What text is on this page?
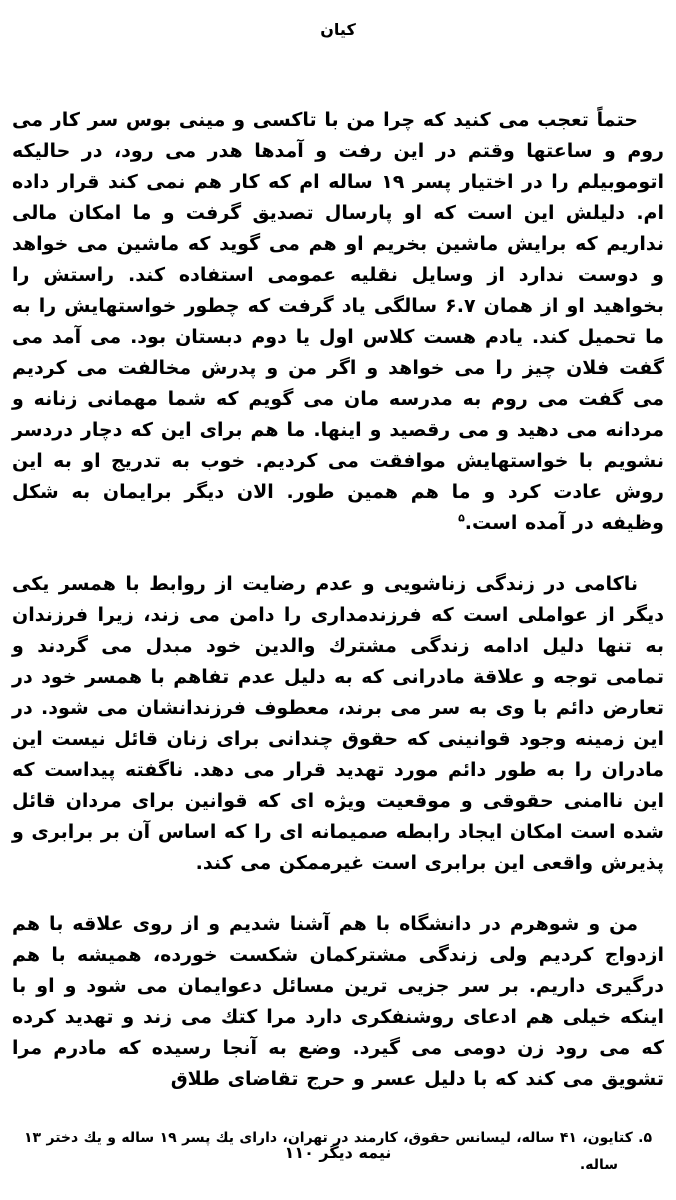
کیان

حتماً تعجب می کنید که چرا من با تاکسی و مینی بوس سر کار می روم و ساعتها وقتم در این رفت و آمدها هدر می رود، در حالیکه اتوموبیلم را در اختیار پسر ۱۹ ساله ام که کار هم نمی کند قرار داده ام. دلیلش این است که او پارسال تصدیق گرفت و ما امکان مالی نداریم که برایش ماشین بخریم او هم می گوید که ماشین می خواهد و دوست ندارد از وسایل نقلیه عمومی استفاده کند. راستش را بخواهید او از همان ۶.۷ سالگی یاد گرفت که چطور خواستهایش را به ما تحمیل کند. یادم هست کلاس اول یا دوم دبستان بود. می آمد می گفت فلان چیز را می خواهد و اگر من و پدرش مخالفت می کردیم می گفت می روم به مدرسه مان می گویم که شما مهمانی زنانه و مردانه می دهید و می رقصید و اینها. ما هم برای این که دچار دردسر نشویم با خواستهایش موافقت می کردیم. خوب به تدریج او به این روش عادت کرد و ما هم همین طور. الان دیگر برایمان به شکل وظیفه در آمده است.$^۵$

ناکامی در زندگی زناشویی و عدم رضایت از روابط با همسر یکی دیگر از عواملی است که فرزندمداری را دامن می زند، زیرا فرزندان به تنها دلیل ادامه زندگی مشترك والدین خود مبدل می گردند و تمامی توجه و علاقة مادرانی که به دلیل عدم تفاهم با همسر خود در تعارض دائم با وی به سر می برند، معطوف فرزندانشان می شود. در این زمینه وجود قوانینی که حقوق چندانی برای زنان قائل نیست این مادران را به طور دائم مورد تهدید قرار می دهد. ناگفته پیداست که این ناامنی حقوقی و موقعیت ویژه ای که قوانین برای مردان قائل شده است امکان ایجاد رابطه صمیمانه ای را که اساس آن بر برابری و پذیرش واقعی این برابری است غیرممکن می کند.

من و شوهرم در دانشگاه با هم آشنا شدیم و از روی علاقه با هم ازدواج کردیم ولی زندگی مشترکمان شکست خورده، همیشه با هم درگیری داریم. بر سر جزیی ترین مسائل دعوایمان می شود و او با اینکه خیلی هم ادعای روشنفکری دارد مرا کتك می زند و تهدید کرده که می رود زن دومی می گیرد. وضع به آنجا رسیده که مادرم مرا تشویق می کند که با دلیل عسر و حرج تقاضای طلاق

۵. کتایون، ۴۱ ساله، لیسانس حقوق، کارمند در تهران، دارای یك پسر ۱۹ ساله و یك دختر ۱۳ ساله.
نیمه دیگر ۱۱۰
